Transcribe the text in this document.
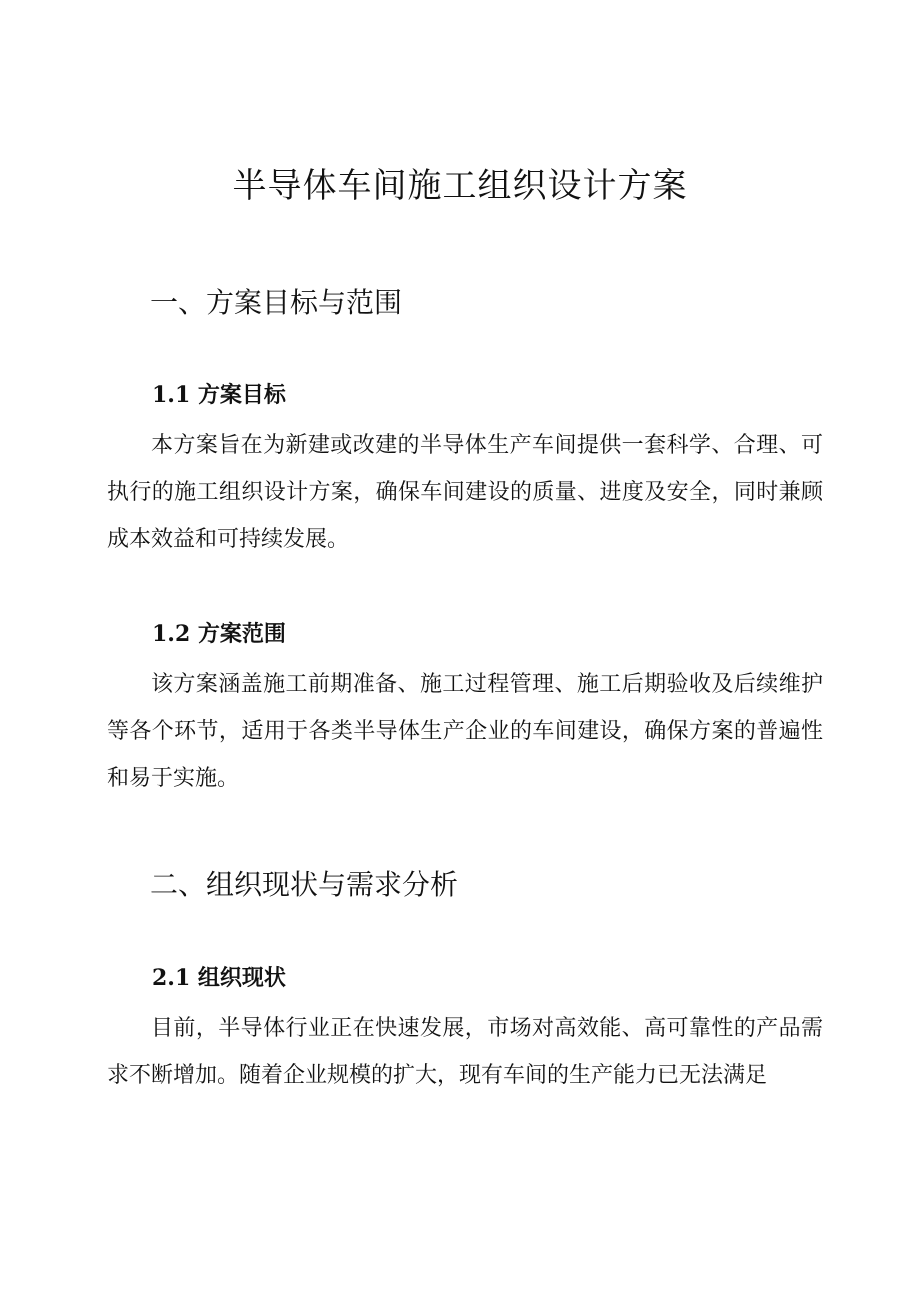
半导体车间施工组织设计方案
一、方案目标与范围
1.1 方案目标

本方案旨在为新建或改建的半导体生产车间提供一套科学、合理、可执行的施工组织设计方案，确保车间建设的质量、进度及安全，同时兼顾成本效益和可持续发展。

1.2 方案范围

该方案涵盖施工前期准备、施工过程管理、施工后期验收及后续维护等各个环节，适用于各类半导体生产企业的车间建设，确保方案的普遍性和易于实施。

二、组织现状与需求分析
2.1 组织现状

目前，半导体行业正在快速发展，市场对高效能、高可靠性的产品需求不断增加。随着企业规模的扩大，现有车间的生产能力已无法满足
